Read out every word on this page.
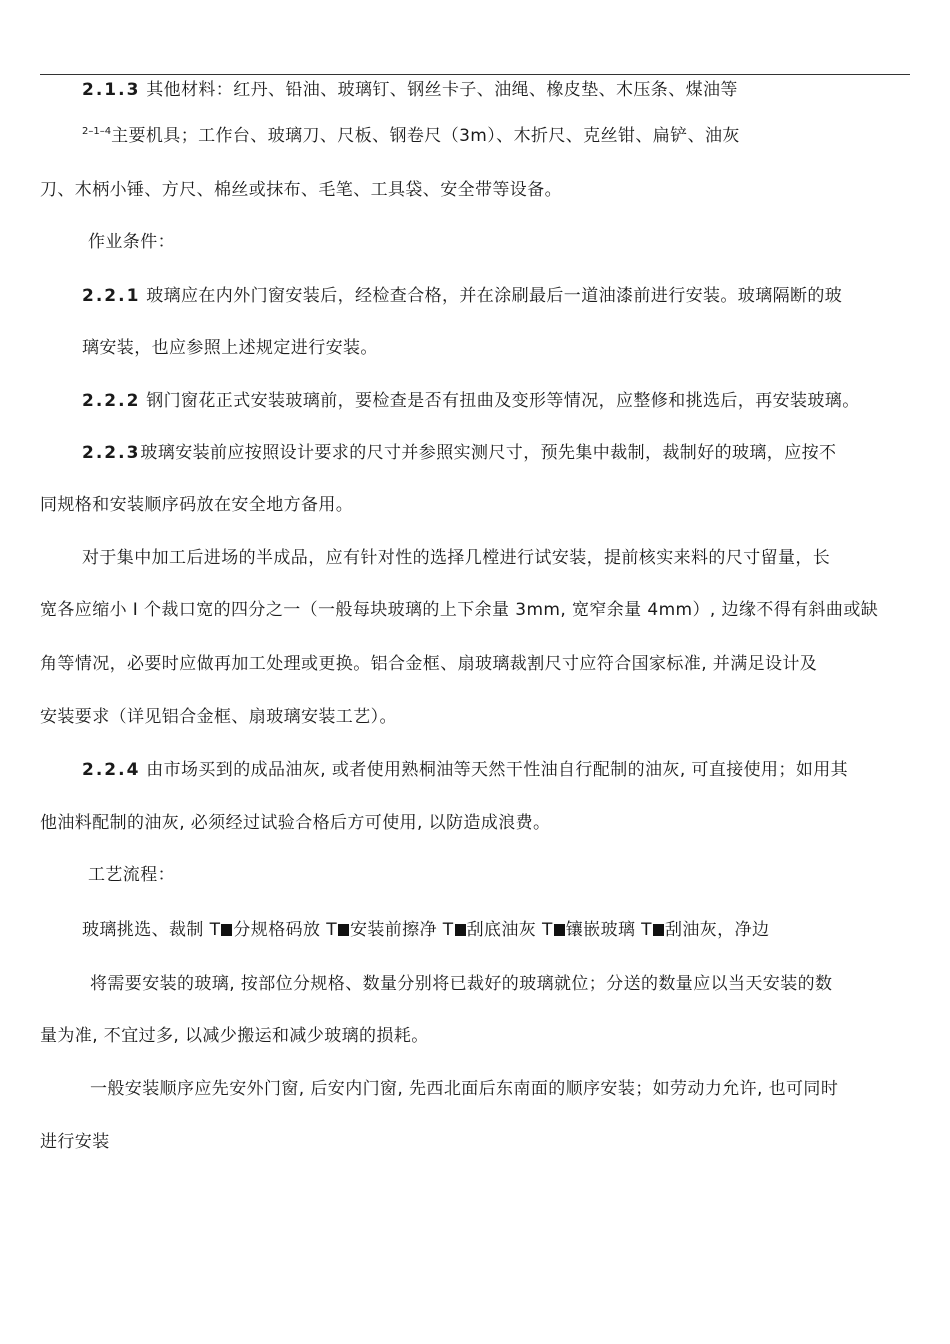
2.1.3 其他材料：红丹、铅油、玻璃钉、钢丝卡子、油绳、橡皮垫、木压条、煤油等
$^{2-1-4}$主要机具；工作台、玻璃刀、尺板、钢卷尺（3m）、木折尺、克丝钳、扁铲、油灰
刀、木柄小锤、方尺、棉丝或抹布、毛笔、工具袋、安全带等设备。
作业条件：
2.2.1 玻璃应在内外门窗安装后，经检查合格，并在涂刷最后一道油漆前进行安装。玻璃隔断的玻
璃安装，也应参照上述规定进行安装。
2.2.2 钢门窗花正式安装玻璃前，要检查是否有扭曲及变形等情况，应整修和挑选后，再安装玻璃。
2.2.3玻璃安装前应按照设计要求的尺寸并参照实测尺寸，预先集中裁制，裁制好的玻璃，应按不
同规格和安装顺序码放在安全地方备用。
对于集中加工后进场的半成品，应有针对性的选择几樘进行试安装，提前核实来料的尺寸留量，长
宽各应缩小 I 个裁口宽的四分之一（一般每块玻璃的上下余量 3mm, 宽窄余量 4mm）, 边缘不得有斜曲或缺
角等情况，必要时应做再加工处理或更换。铝合金框、扇玻璃裁割尺寸应符合国家标准, 并满足设计及
安装要求（详见铝合金框、扇玻璃安装工艺）。
2.2.4 由市场买到的成品油灰, 或者使用熟桐油等天然干性油自行配制的油灰, 可直接使用；如用其
他油料配制的油灰, 必须经过试验合格后方可使用, 以防造成浪费。
工艺流程：
玻璃挑选、裁制 T 分规格码放 T 安装前擦净 T 刮底油灰 T 镶嵌玻璃 T 刮油灰，净边
将需要安装的玻璃, 按部位分规格、数量分别将已裁好的玻璃就位；分送的数量应以当天安装的数
量为准, 不宜过多, 以减少搬运和减少玻璃的损耗。
一般安装顺序应先安外门窗, 后安内门窗, 先西北面后东南面的顺序安装；如劳动力允许, 也可同时
进行安装
